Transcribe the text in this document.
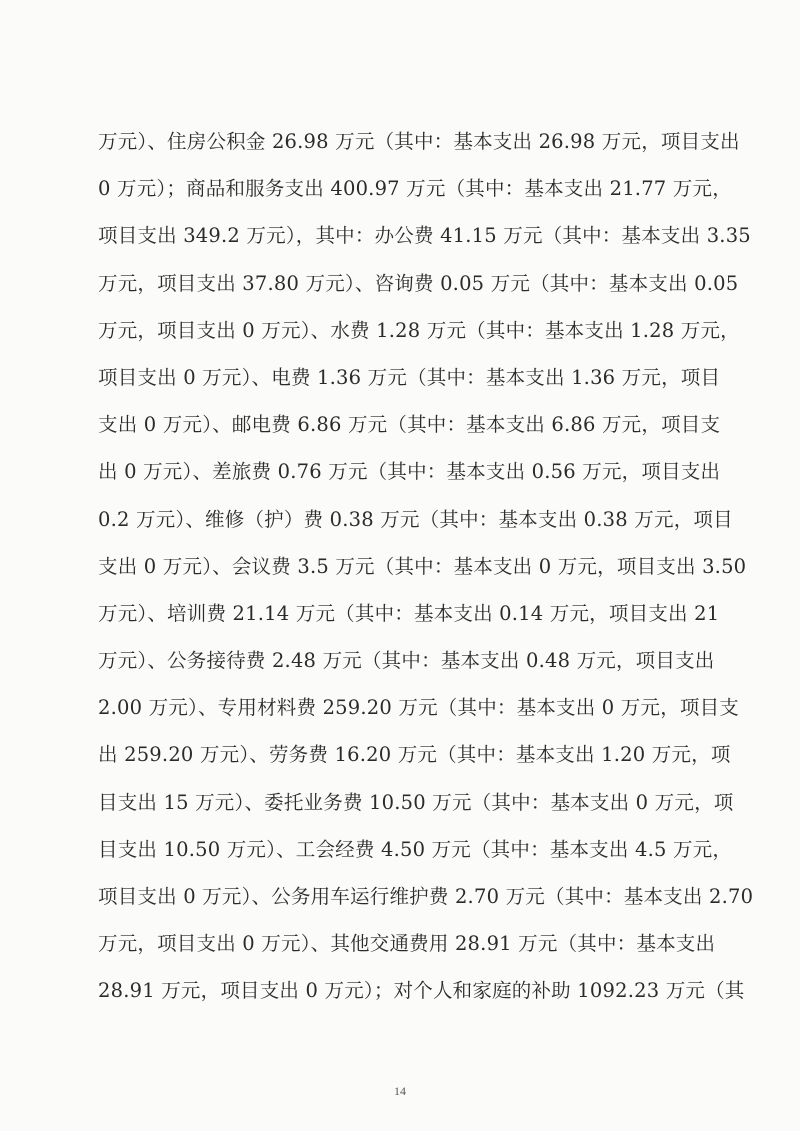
万元）、住房公积金 26.98 万元（其中：基本支出 26.98 万元，项目支出
0 万元）；商品和服务支出 400.97 万元（其中：基本支出 21.77 万元，
项目支出 349.2 万元），其中：办公费 41.15 万元（其中：基本支出 3.35
万元，项目支出 37.80 万元）、咨询费 0.05 万元（其中：基本支出 0.05
万元，项目支出 0 万元）、水费 1.28 万元（其中：基本支出 1.28 万元，
项目支出 0 万元）、电费 1.36 万元（其中：基本支出 1.36 万元，项目
支出 0 万元）、邮电费 6.86 万元（其中：基本支出 6.86 万元，项目支
出 0 万元）、差旅费 0.76 万元（其中：基本支出 0.56 万元，项目支出
0.2 万元）、维修（护）费 0.38 万元（其中：基本支出 0.38 万元，项目
支出 0 万元）、会议费 3.5 万元（其中：基本支出 0 万元，项目支出 3.50
万元）、培训费 21.14 万元（其中：基本支出 0.14 万元，项目支出 21
万元）、公务接待费 2.48 万元（其中：基本支出 0.48 万元，项目支出
2.00 万元）、专用材料费 259.20 万元（其中：基本支出 0 万元，项目支
出 259.20 万元）、劳务费 16.20 万元（其中：基本支出 1.20 万元，项
目支出 15 万元）、委托业务费 10.50 万元（其中：基本支出 0 万元，项
目支出 10.50 万元）、工会经费 4.50 万元（其中：基本支出 4.5 万元，
项目支出 0 万元）、公务用车运行维护费 2.70 万元（其中：基本支出 2.70
万元，项目支出 0 万元）、其他交通费用 28.91 万元（其中：基本支出
28.91 万元，项目支出 0 万元）；对个人和家庭的补助 1092.23 万元（其
14
